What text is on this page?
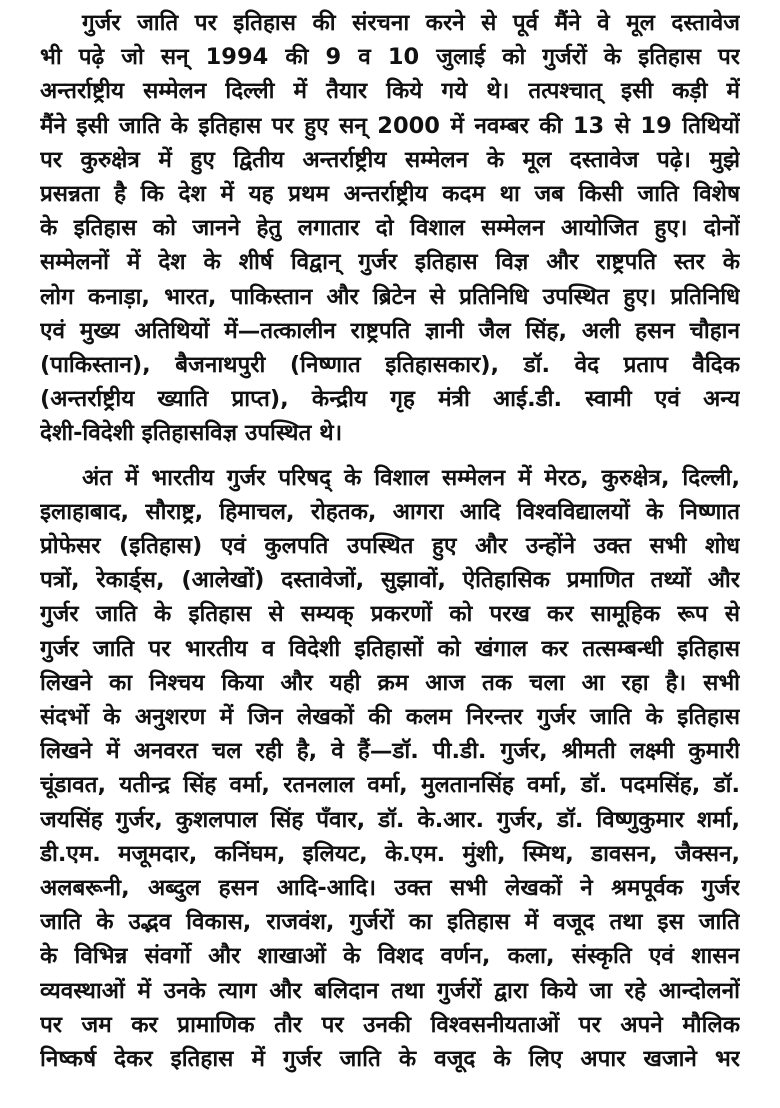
गुर्जर जाति पर इतिहास की संरचना करने से पूर्व मैंने वे मूल दस्तावेज
भी पढ़े जो सन् 1994 की 9 व 10 जुलाई को गुर्जरों के इतिहास पर
अन्तर्राष्ट्रीय सम्मेलन दिल्ली में तैयार किये गये थे। तत्पश्चात् इसी कड़ी में
मैंने इसी जाति के इतिहास पर हुए सन् 2000 में नवम्बर की 13 से 19 तिथियों
पर कुरुक्षेत्र में हुए द्वितीय अन्तर्राष्ट्रीय सम्मेलन के मूल दस्तावेज पढ़े। मुझे
प्रसन्नता है कि देश में यह प्रथम अन्तर्राष्ट्रीय कदम था जब किसी जाति विशेष
के इतिहास को जानने हेतु लगातार दो विशाल सम्मेलन आयोजित हुए। दोनों
सम्मेलनों में देश के शीर्ष विद्वान् गुर्जर इतिहास विज्ञ और राष्ट्रपति स्तर के
लोग कनाड़ा, भारत, पाकिस्तान और ब्रिटेन से प्रतिनिधि उपस्थित हुए। प्रतिनिधि
एवं मुख्य अतिथियों में—तत्कालीन राष्ट्रपति ज्ञानी जैल सिंह, अली हसन चौहान
(पाकिस्तान), बैजनाथपुरी (निष्णात इतिहासकार), डॉ. वेद प्रताप वैदिक
(अन्तर्राष्ट्रीय ख्याति प्राप्त), केन्द्रीय गृह मंत्री आई.डी. स्वामी एवं अन्य
देशी-विदेशी इतिहासविज्ञ उपस्थित थे।

अंत में भारतीय गुर्जर परिषद् के विशाल सम्मेलन में मेरठ, कुरुक्षेत्र, दिल्ली,
इलाहाबाद, सौराष्ट्र, हिमाचल, रोहतक, आगरा आदि विश्वविद्यालयों के निष्णात
प्रोफेसर (इतिहास) एवं कुलपति उपस्थित हुए और उन्होंने उक्त सभी शोध
पत्रों, रेकार्ड्स, (आलेखों) दस्तावेजों, सुझावों, ऐतिहासिक प्रमाणित तथ्यों और
गुर्जर जाति के इतिहास से सम्यक् प्रकरणों को परख कर सामूहिक रूप से
गुर्जर जाति पर भारतीय व विदेशी इतिहासों को खंगाल कर तत्सम्बन्धी इतिहास
लिखने का निश्चय किया और यही क्रम आज तक चला आ रहा है। सभी
संदर्भो के अनुशरण में जिन लेखकों की कलम निरन्तर गुर्जर जाति के इतिहास
लिखने में अनवरत चल रही है, वे हैं—डॉ. पी.डी. गुर्जर, श्रीमती लक्ष्मी कुमारी
चूंडावत, यतीन्द्र सिंह वर्मा, रतनलाल वर्मा, मुलतानसिंह वर्मा, डॉ. पदमसिंह, डॉ.
जयसिंह गुर्जर, कुशलपाल सिंह पँवार, डॉ. के.आर. गुर्जर, डॉ. विष्णुकुमार शर्मा,
डी.एम. मजूमदार, कनिंघम, इलियट, के.एम. मुंशी, स्मिथ, डावसन, जैक्सन,
अलबरूनी, अब्दुल हसन आदि-आदि। उक्त सभी लेखकों ने श्रमपूर्वक गुर्जर
जाति के उद्भव विकास, राजवंश, गुर्जरों का इतिहास में वजूद तथा इस जाति
के विभिन्न संवर्गो और शाखाओं के विशद वर्णन, कला, संस्कृति एवं शासन
व्यवस्थाओं में उनके त्याग और बलिदान तथा गुर्जरों द्वारा किये जा रहे आन्दोलनों
पर जम कर प्रामाणिक तौर पर उनकी विश्वसनीयताओं पर अपने मौलिक
निष्कर्ष देकर इतिहास में गुर्जर जाति के वजूद के लिए अपार खजाने भर
